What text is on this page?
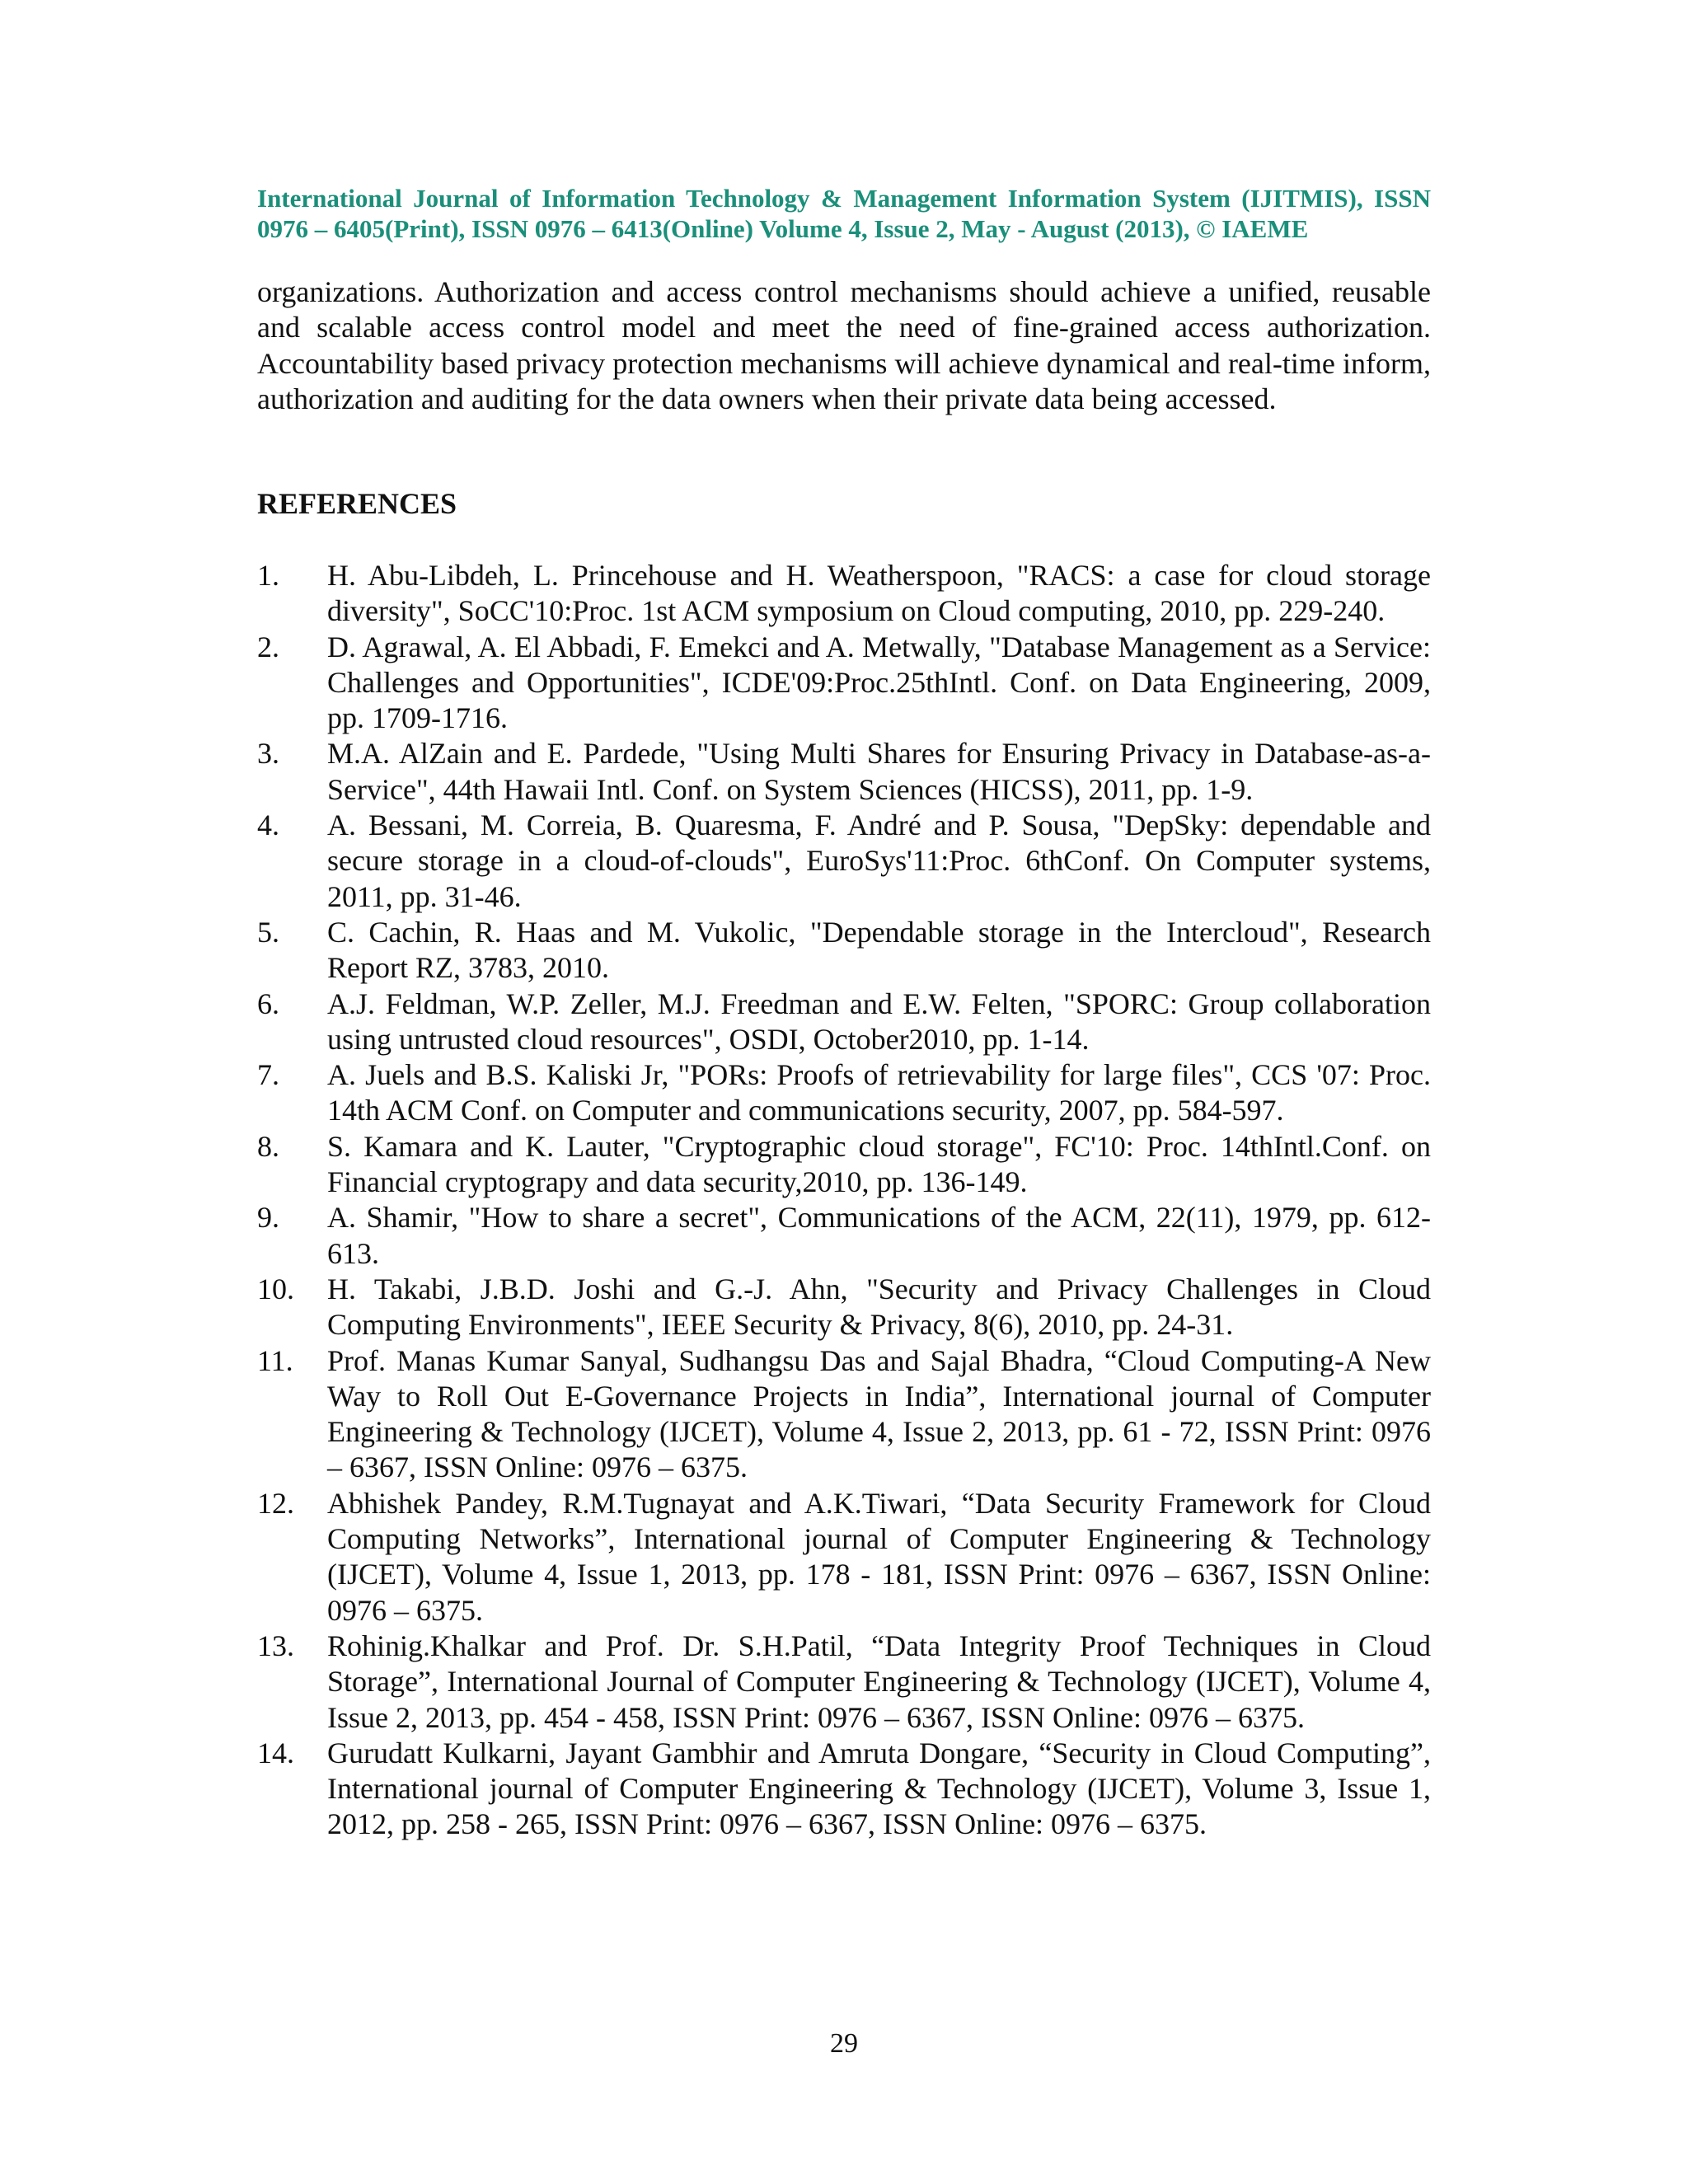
International Journal of Information Technology & Management Information System (IJITMIS), ISSN
0976 – 6405(Print), ISSN 0976 – 6413(Online) Volume 4, Issue 2, May - August (2013), © IAEME

organizations. Authorization and access control mechanisms should achieve a unified, reusable and scalable access control model and meet the need of fine-grained access authorization. Accountability based privacy protection mechanisms will achieve dynamical and real-time inform, authorization and auditing for the data owners when their private data being accessed.

REFERENCES
1. H. Abu-Libdeh, L. Princehouse and H. Weatherspoon, "RACS: a case for cloud storage diversity", SoCC'10:Proc. 1st ACM symposium on Cloud computing, 2010, pp. 229-240.
2. D. Agrawal, A. El Abbadi, F. Emekci and A. Metwally, "Database Management as a Service: Challenges and Opportunities", ICDE'09:Proc.25thIntl. Conf. on Data Engineering, 2009, pp. 1709-1716.
3. M.A. AlZain and E. Pardede, "Using Multi Shares for Ensuring Privacy in Database-as-a-Service", 44th Hawaii Intl. Conf. on System Sciences (HICSS), 2011, pp. 1-9.
4. A. Bessani, M. Correia, B. Quaresma, F. André and P. Sousa, "DepSky: dependable and secure storage in a cloud-of-clouds", EuroSys'11:Proc. 6thConf. On Computer systems, 2011, pp. 31-46.
5. C. Cachin, R. Haas and M. Vukolic, "Dependable storage in the Intercloud", Research Report RZ, 3783, 2010.
6. A.J. Feldman, W.P. Zeller, M.J. Freedman and E.W. Felten, "SPORC: Group collaboration using untrusted cloud resources", OSDI, October2010, pp. 1-14.
7. A. Juels and B.S. Kaliski Jr, "PORs: Proofs of retrievability for large files", CCS '07: Proc. 14th ACM Conf. on Computer and communications security, 2007, pp. 584-597.
8. S. Kamara and K. Lauter, "Cryptographic cloud storage", FC'10: Proc. 14thIntl.Conf. on Financial cryptograpy and data security,2010, pp. 136-149.
9. A. Shamir, "How to share a secret", Communications of the ACM, 22(11), 1979, pp. 612-613.
10. H. Takabi, J.B.D. Joshi and G.-J. Ahn, "Security and Privacy Challenges in Cloud Computing Environments", IEEE Security & Privacy, 8(6), 2010, pp. 24-31.
11. Prof. Manas Kumar Sanyal, Sudhangsu Das and Sajal Bhadra, “Cloud Computing-A New Way to Roll Out E-Governance Projects in India”, International journal of Computer Engineering & Technology (IJCET), Volume 4, Issue 2, 2013, pp. 61 - 72, ISSN Print: 0976 – 6367, ISSN Online: 0976 – 6375.
12. Abhishek Pandey, R.M.Tugnayat and A.K.Tiwari, “Data Security Framework for Cloud Computing Networks”, International journal of Computer Engineering & Technology (IJCET), Volume 4, Issue 1, 2013, pp. 178 - 181, ISSN Print: 0976 – 6367, ISSN Online: 0976 – 6375.
13. Rohinig.Khalkar and Prof. Dr. S.H.Patil, “Data Integrity Proof Techniques in Cloud Storage”, International Journal of Computer Engineering & Technology (IJCET), Volume 4, Issue 2, 2013, pp. 454 - 458, ISSN Print: 0976 – 6367, ISSN Online: 0976 – 6375.
14. Gurudatt Kulkarni, Jayant Gambhir and Amruta Dongare, “Security in Cloud Computing”, International journal of Computer Engineering & Technology (IJCET), Volume 3, Issue 1, 2012, pp. 258 - 265, ISSN Print: 0976 – 6367, ISSN Online: 0976 – 6375.
29
